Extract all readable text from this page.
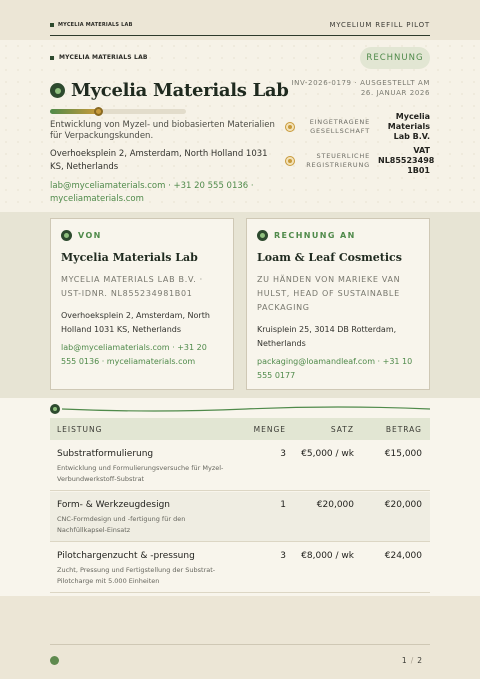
MYCELIA MATERIALS LAB	MYCELIUM REFILL PILOT
MYCELIA MATERIALS LAB
Mycelia Materials Lab
Entwicklung von Myzel- und biobasierten Materialien für Verpackungskunden.
Overhoeksplein 2, Amsterdam, North Holland 1031 KS, Netherlands
lab@myceliamaterials.com · +31 20 555 0136 · myceliamaterials.com
RECHNUNG
INV-2026-0179 · AUSGESTELLT AM
26. JANUAR 2026
EINGETRAGENE
GESELLSCHAFT
Mycelia Materials Lab B.V.
STEUERLICHE
REGISTRIERUNG
VAT NL85523498 1B01
VON
Mycelia Materials Lab
MYCELIA MATERIALS LAB B.V. · UST-IDNR. NL855234981B01
Overhoeksplein 2, Amsterdam, North Holland 1031 KS, Netherlands
lab@myceliamaterials.com · +31 20 555 0136 · myceliamaterials.com
RECHNUNG AN
Loam & Leaf Cosmetics
ZU HÄNDEN VON MARIEKE VAN HULST, HEAD OF SUSTAINABLE PACKAGING
Kruisplein 25, 3014 DB Rotterdam, Netherlands
packaging@loamandleaf.com · +31 10 555 0177
LEISTUNG	MENGE	SATZ	BETRAG
Substratformulierung
Entwicklung und Formulierungsversuche für Myzel-Verbundwerkstoff-Substrat
3	€5,000 / wk	€15,000
Form- & Werkzeugdesign
CNC-Formdesign und -fertigung für den Nachfüllkapsel-Einsatz
1	€20,000	€20,000
Pilotchargenzucht & -pressung
Zucht, Pressung und Fertigstellung der Substrat-Pilotcharge mit 5.000 Einheiten
3	€8,000 / wk	€24,000
1 / 2
